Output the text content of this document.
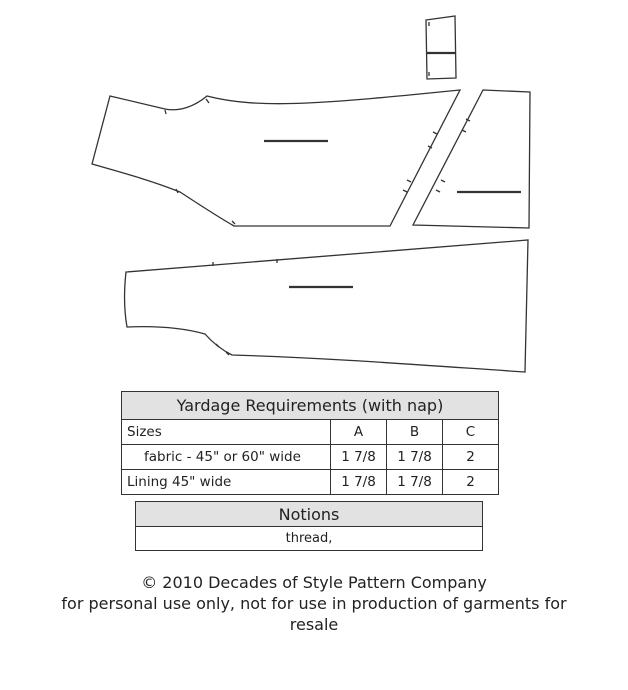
Yardage Requirements (with nap)			
Sizes	A	B	C
fabric - 45" or 60" wide	1 7/8	1 7/8	2
Lining 45" wide	1 7/8	1 7/8	2
Notions
thread,
© 2010 Decades of Style Pattern Company
for personal use only, not for use in production of garments for
resale
